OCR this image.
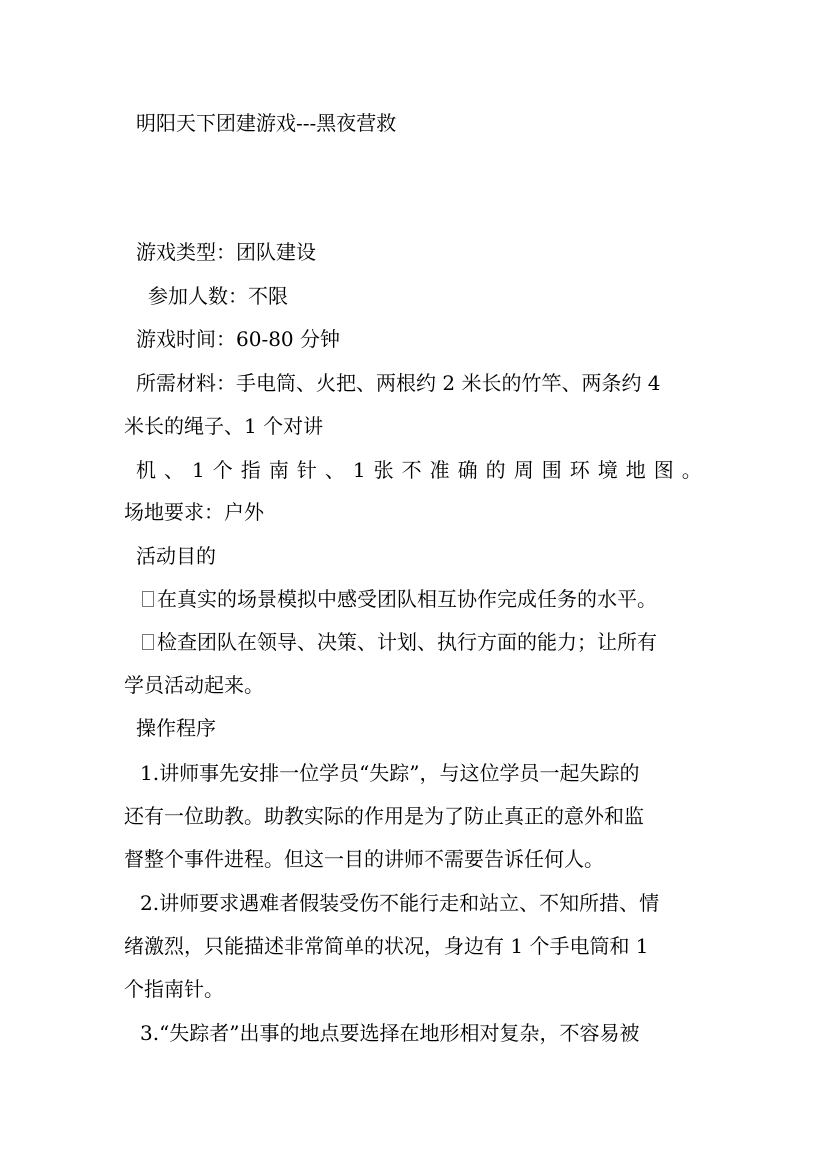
明阳天下团建游戏---黑夜营救
游戏类型：团队建设
参加人数：不限
游戏时间：60-80 分钟
所需材料：手电筒、火把、两根约 2 米长的竹竿、两条约 4
米长的绳子、1 个对讲
机 、 1 个 指 南 针 、 1 张 不 准 确 的 周 围 环 境 地 图 。
场地要求：户外
活动目的
在真实的场景模拟中感受团队相互协作完成任务的水平。
检查团队在领导、决策、计划、执行方面的能力；让所有
学员活动起来。
操作程序
1.讲师事先安排一位学员“失踪”，与这位学员一起失踪的
还有一位助教。助教实际的作用是为了防止真正的意外和监
督整个事件进程。但这一目的讲师不需要告诉任何人。
2.讲师要求遇难者假装受伤不能行走和站立、不知所措、情
绪激烈，只能描述非常简单的状况，身边有 1 个手电筒和 1
个指南针。
3.“失踪者”出事的地点要选择在地形相对复杂，不容易被
